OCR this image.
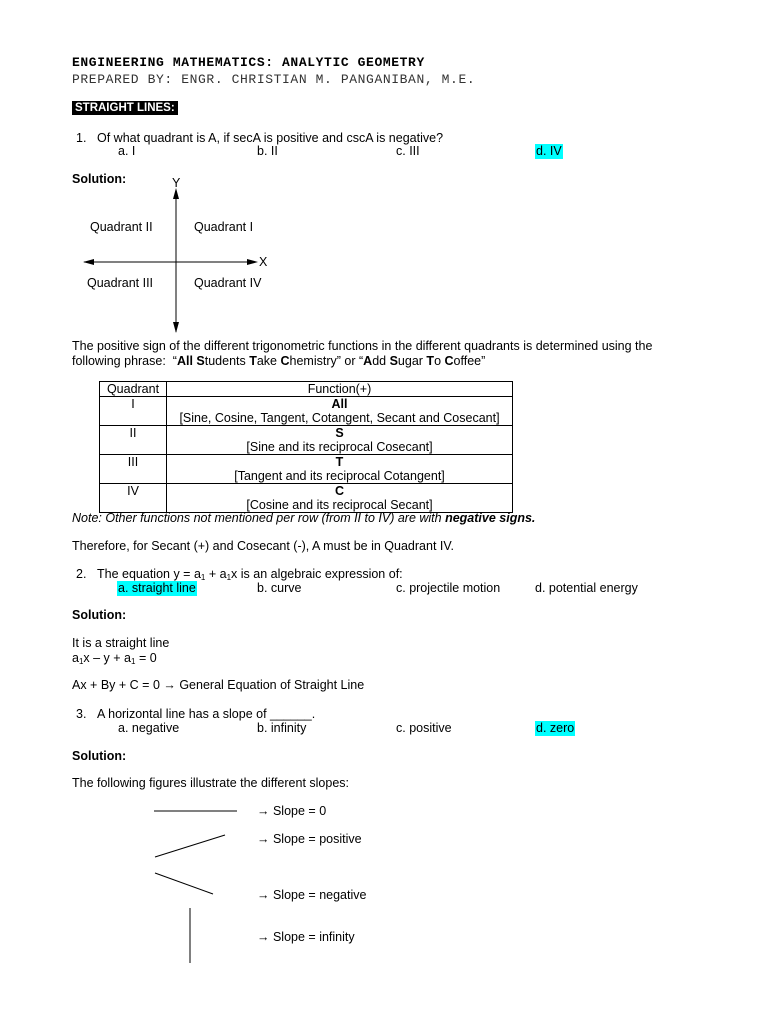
ENGINEERING MATHEMATICS: ANALYTIC GEOMETRY
PREPARED BY: ENGR. CHRISTIAN M. PANGANIBAN, M.E.
STRAIGHT LINES:
1. Of what quadrant is A, if secA is positive and cscA is negative?
a. I	b. II	c. III	d. IV
Solution:	Y
X
Quadrant II	Quadrant I
Quadrant III	Quadrant IV
The positive sign of the different trigonometric functions in the different quadrants is determined using the following phrase: “All Students Take Chemistry” or “Add Sugar To Coffee”
Quadrant	Function(+)
I	All
[Sine, Cosine, Tangent, Cotangent, Secant and Cosecant]
II	S
[Sine and its reciprocal Cosecant]
III	T
[Tangent and its reciprocal Cotangent]
IV	C
[Cosine and its reciprocal Secant]
Note: Other functions not mentioned per row (from II to IV) are with negative signs.
Therefore, for Secant (+) and Cosecant (-), A must be in Quadrant IV.
2. The equation $y = a_1 + a_1x$ is an algebraic expression of:
a. straight line	b. curve	c. projectile motion	d. potential energy
Solution:
It is a straight line
$a_1x - y + a_1 = 0$
Ax + By + C = 0 → General Equation of Straight Line
3. A horizontal line has a slope of ______.
a. negative	b. infinity	c. positive	d. zero
Solution:
The following figures illustrate the different slopes:
→ Slope = 0
→ Slope = positive
→ Slope = negative
→ Slope = infinity
